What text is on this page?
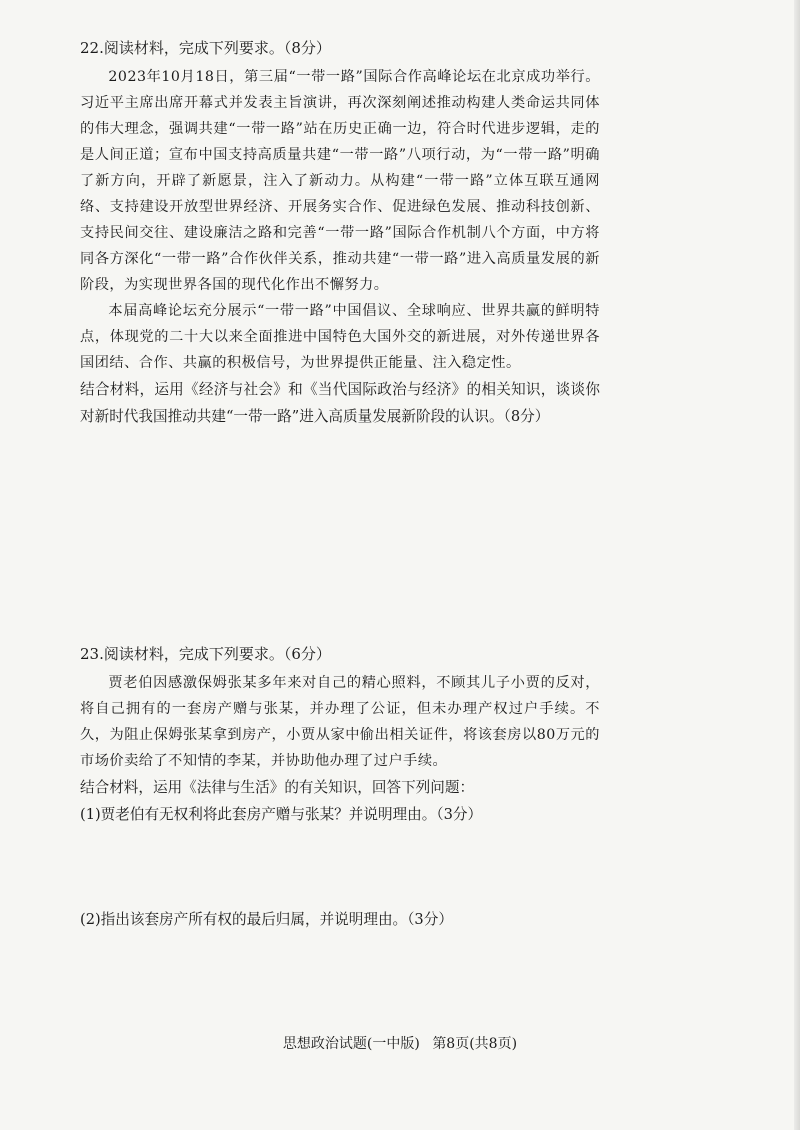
22.阅读材料，完成下列要求。（8分）

2023年10月18日，第三届“一带一路”国际合作高峰论坛在北京成功举行。习近平主席出席开幕式并发表主旨演讲，再次深刻阐述推动构建人类命运共同体的伟大理念，强调共建“一带一路”站在历史正确一边，符合时代进步逻辑，走的是人间正道；宣布中国支持高质量共建“一带一路”八项行动，为“一带一路”明确了新方向，开辟了新愿景，注入了新动力。从构建“一带一路”立体互联互通网络、支持建设开放型世界经济、开展务实合作、促进绿色发展、推动科技创新、支持民间交往、建设廉洁之路和完善“一带一路”国际合作机制八个方面，中方将同各方深化“一带一路”合作伙伴关系，推动共建“一带一路”进入高质量发展的新阶段，为实现世界各国的现代化作出不懈努力。

本届高峰论坛充分展示“一带一路”中国倡议、全球响应、世界共赢的鲜明特点，体现党的二十大以来全面推进中国特色大国外交的新进展，对外传递世界各国团结、合作、共赢的积极信号，为世界提供正能量、注入稳定性。

结合材料，运用《经济与社会》和《当代国际政治与经济》的相关知识，谈谈你对新时代我国推动共建“一带一路”进入高质量发展新阶段的认识。（8分）

23.阅读材料，完成下列要求。（6分）

贾老伯因感激保姆张某多年来对自己的精心照料，不顾其儿子小贾的反对，将自己拥有的一套房产赠与张某，并办理了公证，但未办理产权过户手续。不久，为阻止保姆张某拿到房产，小贾从家中偷出相关证件，将该套房以80万元的市场价卖给了不知情的李某，并协助他办理了过户手续。

结合材料，运用《法律与生活》的有关知识，回答下列问题：

(1)贾老伯有无权利将此套房产赠与张某？并说明理由。（3分）

(2)指出该套房产所有权的最后归属，并说明理由。（3分）

思想政治试题(一中版) 第8页(共8页)
